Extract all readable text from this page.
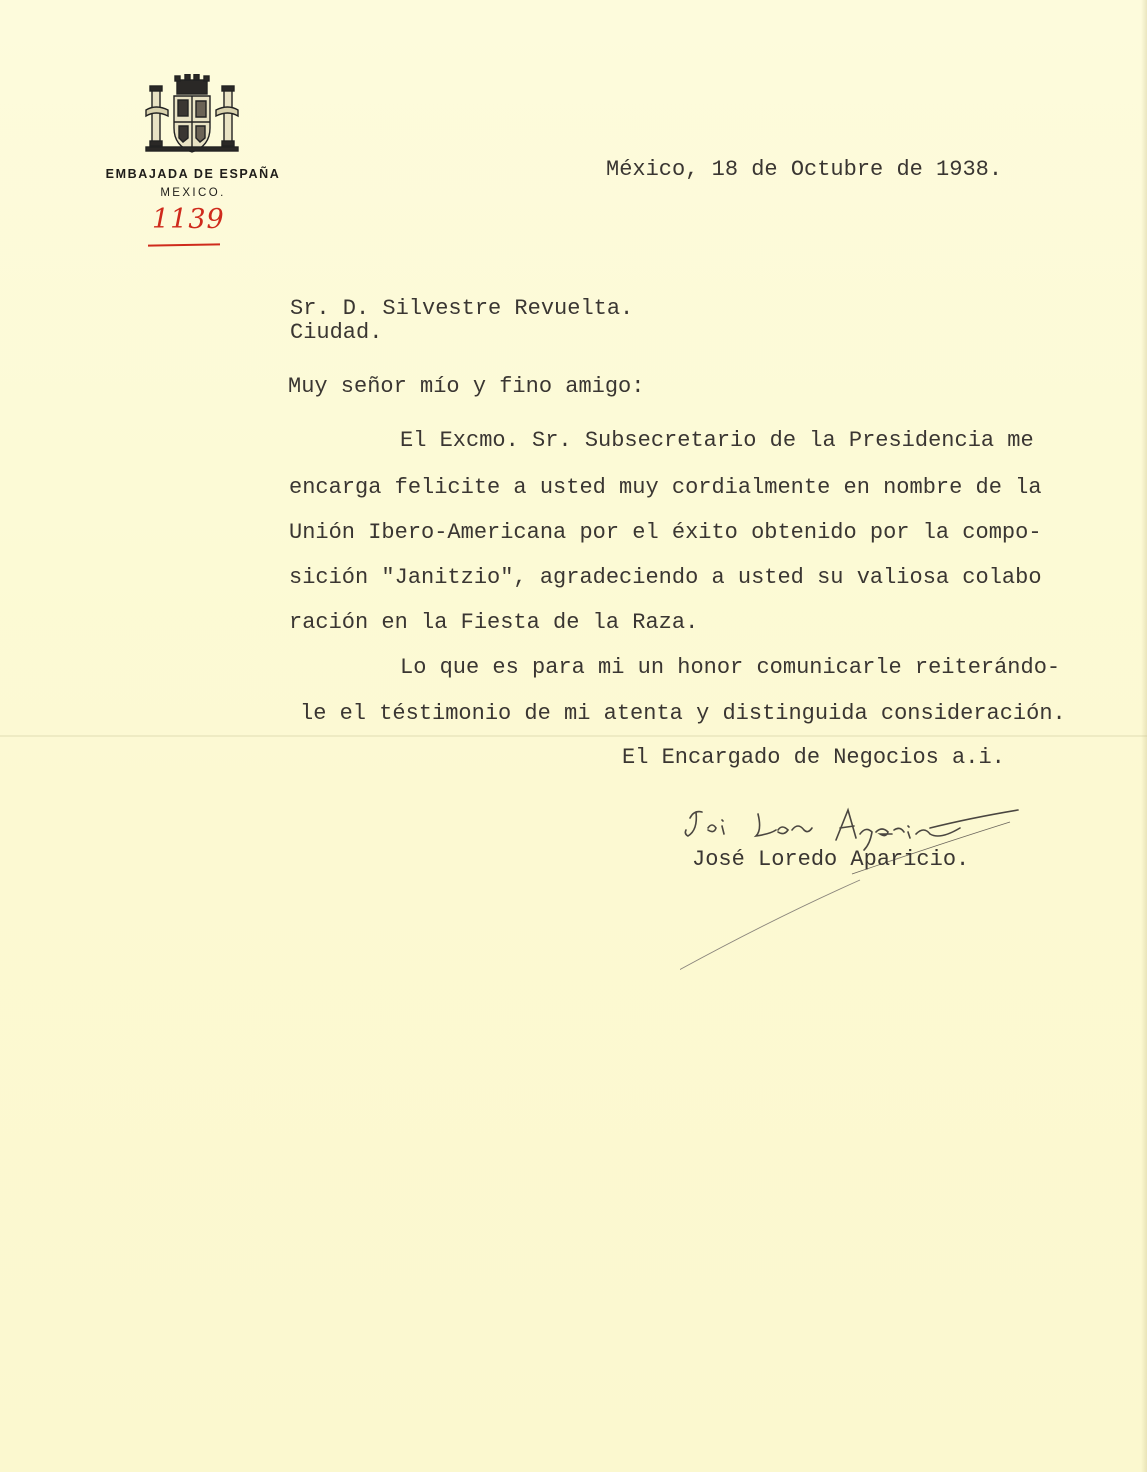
EMBAJADA DE ESPAÑA
MEXICO.
1139
México, 18 de Octubre de 1938.
Sr. D. Silvestre Revuelta.
Ciudad.
Muy señor mío y fino amigo:
El Excmo. Sr. Subsecretario de la Presidencia me
encarga felicite a usted muy cordialmente en nombre de la
Unión Ibero-Americana por el éxito obtenido por la compo-
sición "Janitzio", agradeciendo a usted su valiosa colabo
ración en la Fiesta de la Raza.
Lo que es para mi un honor comunicarle reiterándo-
le el téstimonio de mi atenta y distinguida consideración.
El Encargado de Negocios a.i.
José Loredo Aparicio.
